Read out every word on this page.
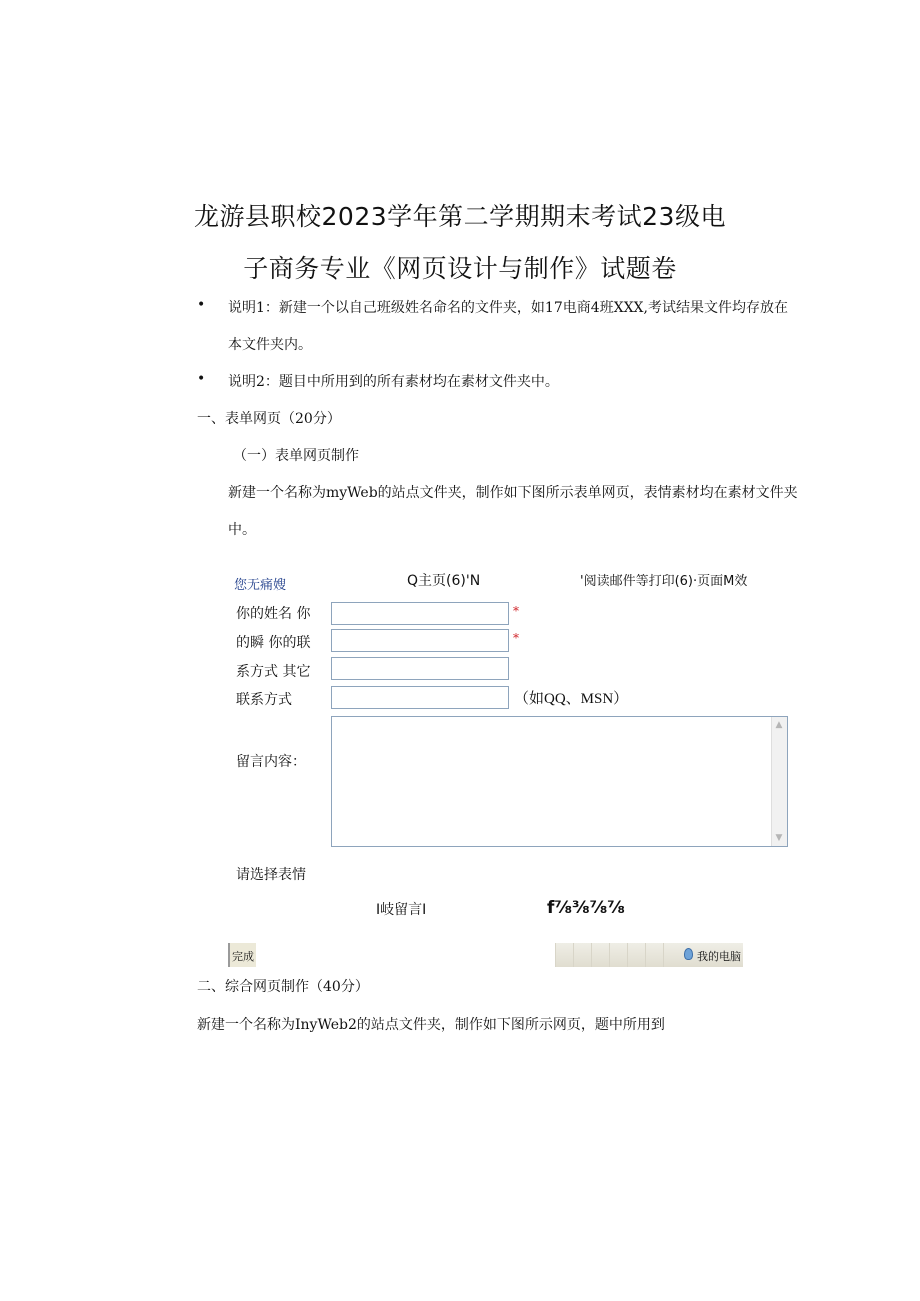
龙游县职校2023学年第二学期期末考试23级电
子商务专业《网页设计与制作》试题卷
• 说明1：新建一个以自己班级姓名命名的文件夹，如17电商4班XXX,考试结果文件均存放在
本文件夹内。
• 说明2：题目中所用到的所有素材均在素材文件夹中。
一、表单网页（20分）
（一）表单网页制作
新建一个名称为myWeb的站点文件夹，制作如下图所示表单网页，表情素材均在素材文件夹
中。
您无痛嫂	Q主页(6)'N	'阅读邮件等打印(6)·页面M效
你的姓名 你	*
的瞬 你的联	*
系方式 其它
联系方式	（如QQ、MSN）
留言内容：
▲
▼
请选择表情
I岐留言I	f⅞⅜⅞⅞
完成	我的电脑
二、综合网页制作（40分）
新建一个名称为InyWeb2的站点文件夹，制作如下图所示网页，题中所用到
